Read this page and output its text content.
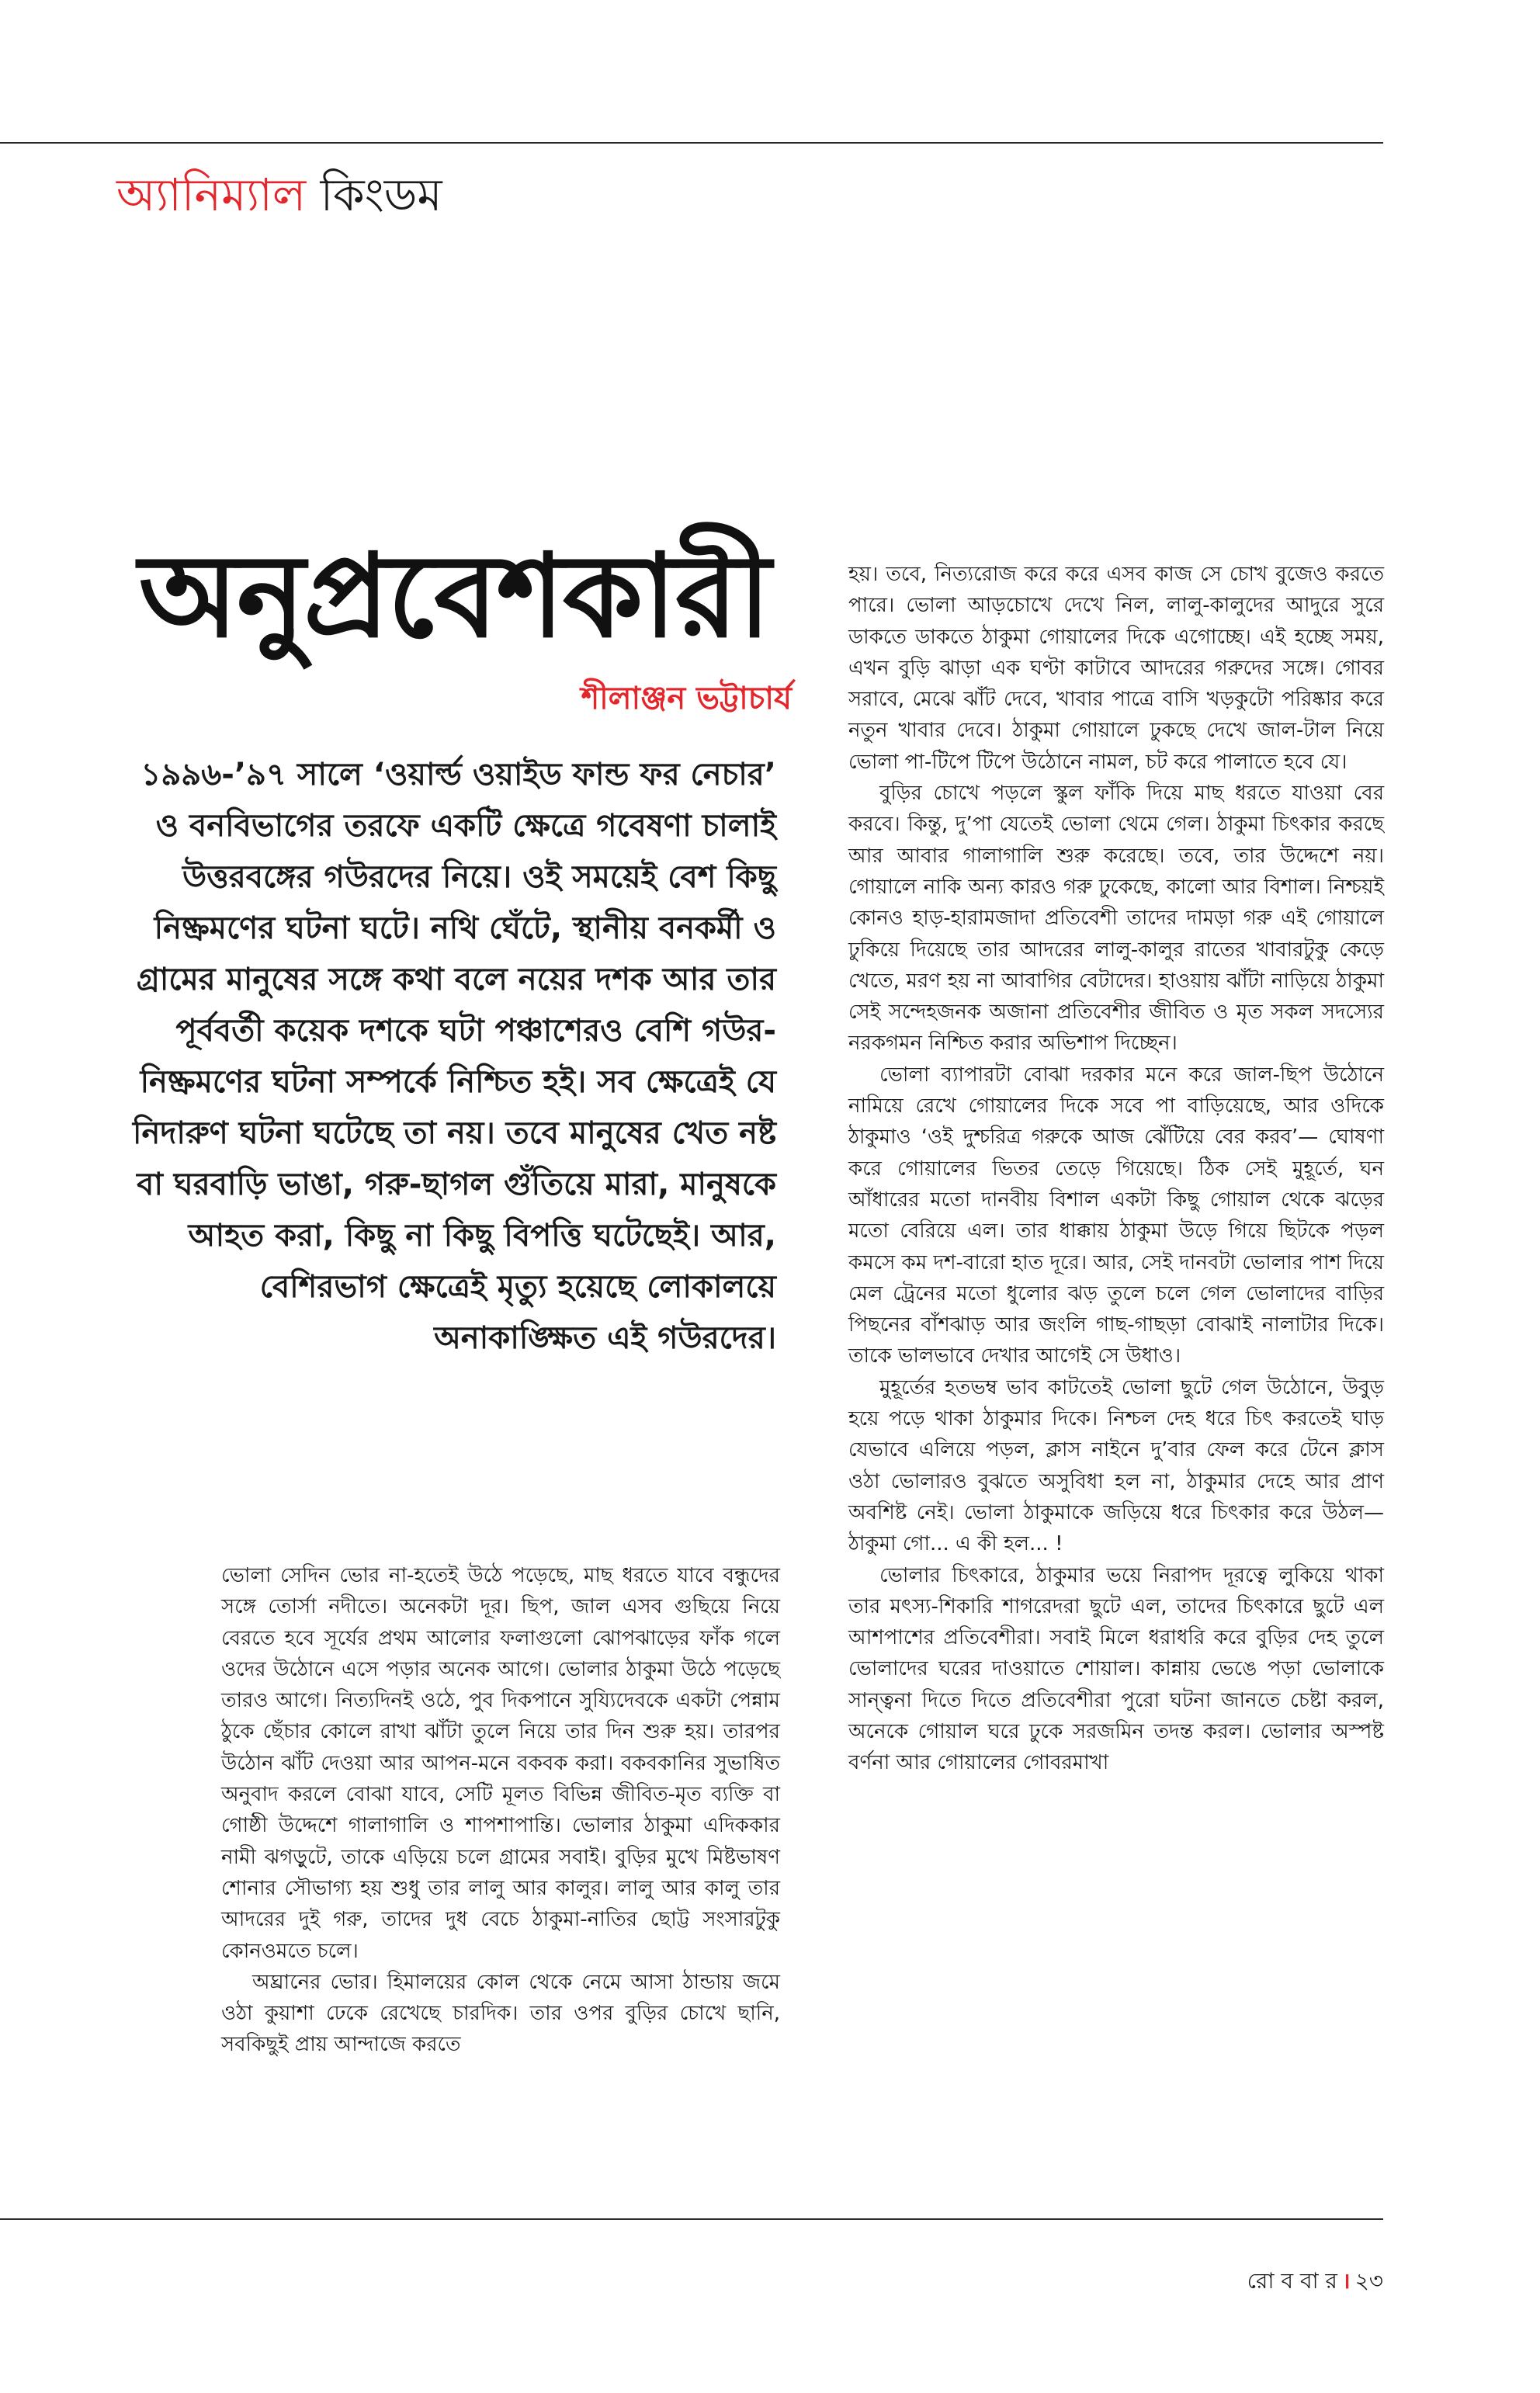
অ্যানিম্যাল কিংডম
অনুপ্রবেশকারী
শীলাঞ্জন ভট্টাচার্য

১৯৯৬-’৯৭ সালে ‘ওয়ার্ল্ড ওয়াইড ফান্ড ফর নেচার’ ও বনবিভাগের তরফে একটি ক্ষেত্রে গবেষণা চালাই উত্তরবঙ্গের গউরদের নিয়ে। ওই সময়েই বেশ কিছু নিষ্ক্রমণের ঘটনা ঘটে। নথি ঘেঁটে, স্থানীয় বনকর্মী ও গ্রামের মানুষের সঙ্গে কথা বলে নয়ের দশক আর তার পূর্ববর্তী কয়েক দশকে ঘটা পঞ্চাশেরও বেশি গউর-নিষ্ক্রমণের ঘটনা সম্পর্কে নিশ্চিত হই। সব ক্ষেত্রেই যে নিদারুণ ঘটনা ঘটেছে তা নয়। তবে মানুষের খেত নষ্ট বা ঘরবাড়ি ভাঙা, গরু-ছাগল গুঁতিয়ে মারা, মানুষকে আহত করা, কিছু না কিছু বিপত্তি ঘটেছেই। আর, বেশিরভাগ ক্ষেত্রেই মৃত্যু হয়েছে লোকালয়ে অনাকাঙ্ক্ষিত এই গউরদের।

ভোলা সেদিন ভোর না-হতেই উঠে পড়েছে, মাছ ধরতে যাবে বন্ধুদের সঙ্গে তোর্সা নদীতে। অনেকটা দূর। ছিপ, জাল এসব গুছিয়ে নিয়ে বেরতে হবে সূর্যের প্রথম আলোর ফলাগুলো ঝোপঝাড়ের ফাঁক গলে ওদের উঠোনে এসে পড়ার অনেক আগে। ভোলার ঠাকুমা উঠে পড়েছে তারও আগে। নিত্যদিনই ওঠে, পুব দিকপানে সুয্যিদেবকে একটা পেন্নাম ঠুকে ছেঁচার কোলে রাখা ঝাঁটা তুলে নিয়ে তার দিন শুরু হয়। তারপর উঠোন ঝাঁট দেওয়া আর আপন-মনে বকবক করা। বকবকানির সুভাষিত অনুবাদ করলে বোঝা যাবে, সেটি মূলত বিভিন্ন জীবিত-মৃত ব্যক্তি বা গোষ্ঠী উদ্দেশে গালাগালি ও শাপশাপান্তি। ভোলার ঠাকুমা এদিককার নামী ঝগড়ুটে, তাকে এড়িয়ে চলে গ্রামের সবাই। বুড়ির মুখে মিষ্টভাষণ শোনার সৌভাগ্য হয় শুধু তার লালু আর কালুর। লালু আর কালু তার আদরের দুই গরু, তাদের দুধ বেচে ঠাকুমা-নাতির ছোট্ট সংসারটুকু কোনওমতে চলে।

অঘ্রানের ভোর। হিমালয়ের কোল থেকে নেমে আসা ঠান্ডায় জমে ওঠা কুয়াশা ঢেকে রেখেছে চারদিক। তার ওপর বুড়ির চোখে ছানি, সবকিছুই প্রায় আন্দাজে করতে

হয়। তবে, নিত্যরোজ করে করে এসব কাজ সে চোখ বুজেও করতে পারে। ভোলা আড়চোখে দেখে নিল, লালু-কালুদের আদুরে সুরে ডাকতে ডাকতে ঠাকুমা গোয়ালের দিকে এগোচ্ছে। এই হচ্ছে সময়, এখন বুড়ি ঝাড়া এক ঘণ্টা কাটাবে আদরের গরুদের সঙ্গে। গোবর সরাবে, মেঝে ঝাঁট দেবে, খাবার পাত্রে বাসি খড়কুটো পরিষ্কার করে নতুন খাবার দেবে। ঠাকুমা গোয়ালে ঢুকছে দেখে জাল-টাল নিয়ে ভোলা পা-টিপে টিপে উঠোনে নামল, চট করে পালাতে হবে যে।

বুড়ির চোখে পড়লে স্কুল ফাঁকি দিয়ে মাছ ধরতে যাওয়া বের করবে। কিন্তু, দু’পা যেতেই ভোলা থেমে গেল। ঠাকুমা চিৎকার করছে আর আবার গালাগালি শুরু করেছে। তবে, তার উদ্দেশে নয়। গোয়ালে নাকি অন্য কারও গরু ঢুকেছে, কালো আর বিশাল। নিশ্চয়ই কোনও হাড়-হারামজাদা প্রতিবেশী তাদের দামড়া গরু এই গোয়ালে ঢুকিয়ে দিয়েছে তার আদরের লালু-কালুর রাতের খাবারটুকু কেড়ে খেতে, মরণ হয় না আবাগির বেটাদের। হাওয়ায় ঝাঁটা নাড়িয়ে ঠাকুমা সেই সন্দেহজনক অজানা প্রতিবেশীর জীবিত ও মৃত সকল সদস্যের নরকগমন নিশ্চিত করার অভিশাপ দিচ্ছেন।

ভোলা ব্যাপারটা বোঝা দরকার মনে করে জাল-ছিপ উঠোনে নামিয়ে রেখে গোয়ালের দিকে সবে পা বাড়িয়েছে, আর ওদিকে ঠাকুমাও ‘ওই দুশ্চরিত্র গরুকে আজ ঝেঁটিয়ে বের করব’— ঘোষণা করে গোয়ালের ভিতর তেড়ে গিয়েছে। ঠিক সেই মুহূর্তে, ঘন আঁধারের মতো দানবীয় বিশাল একটা কিছু গোয়াল থেকে ঝড়ের মতো বেরিয়ে এল। তার ধাক্কায় ঠাকুমা উড়ে গিয়ে ছিটকে পড়ল কমসে কম দশ-বারো হাত দূরে। আর, সেই দানবটা ভোলার পাশ দিয়ে মেল ট্রেনের মতো ধুলোর ঝড় তুলে চলে গেল ভোলাদের বাড়ির পিছনের বাঁশঝাড় আর জংলি গাছ-গাছড়া বোঝাই নালাটার দিকে। তাকে ভালভাবে দেখার আগেই সে উধাও।

মুহূর্তের হতভম্ব ভাব কাটতেই ভোলা ছুটে গেল উঠোনে, উবুড় হয়ে পড়ে থাকা ঠাকুমার দিকে। নিশ্চল দেহ ধরে চিৎ করতেই ঘাড় যেভাবে এলিয়ে পড়ল, ক্লাস নাইনে দু’বার ফেল করে টেনে ক্লাস ওঠা ভোলারও বুঝতে অসুবিধা হল না, ঠাকুমার দেহে আর প্রাণ অবশিষ্ট নেই। ভোলা ঠাকুমাকে জড়িয়ে ধরে চিৎকার করে উঠল— ঠাকুমা গো... এ কী হল... !

ভোলার চিৎকারে, ঠাকুমার ভয়ে নিরাপদ দূরত্বে লুকিয়ে থাকা তার মৎস্য-শিকারি শাগরেদরা ছুটে এল, তাদের চিৎকারে ছুটে এল আশপাশের প্রতিবেশীরা। সবাই মিলে ধরাধরি করে বুড়ির দেহ তুলে ভোলাদের ঘরের দাওয়াতে শোয়াল। কান্নায় ভেঙে পড়া ভোলাকে সান্ত্বনা দিতে দিতে প্রতিবেশীরা পুরো ঘটনা জানতে চেষ্টা করল, অনেকে গোয়াল ঘরে ঢুকে সরজমিন তদন্ত করল। ভোলার অস্পষ্ট বর্ণনা আর গোয়ালের গোবরমাখা

রো ব বা র । ২৩
